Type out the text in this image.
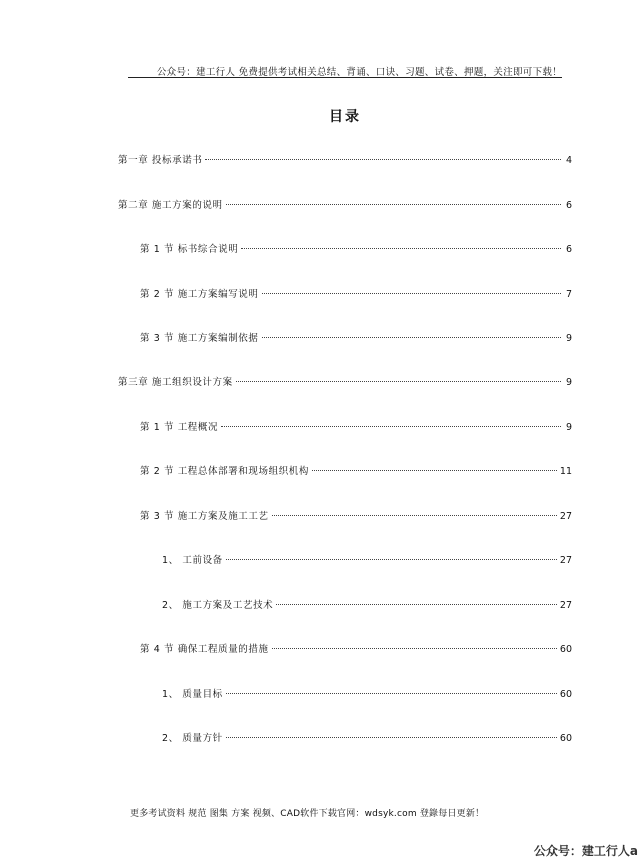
公众号：建工行人 免费提供考试相关总结、背诵、口诀、习题、试卷、押题，关注即可下载！
目录
第一章 投标承诺书	4
第二章 施工方案的说明	6
第 1 节 标书综合说明	6
第 2 节 施工方案编写说明	7
第 3 节 施工方案编制依据	9
第三章 施工组织设计方案	9
第 1 节 工程概况	9
第 2 节 工程总体部署和现场组织机构	11
第 3 节 施工方案及施工工艺	27
1、 工前设备	27
2、 施工方案及工艺技术	27
第 4 节 确保工程质量的措施	60
1、 质量目标	60
2、 质量方针	60
更多考试资料 规范 图集 方案 视频、CAD软件下载官网：wdsyk.com 登錄每日更新！
公众号：建工行人a
